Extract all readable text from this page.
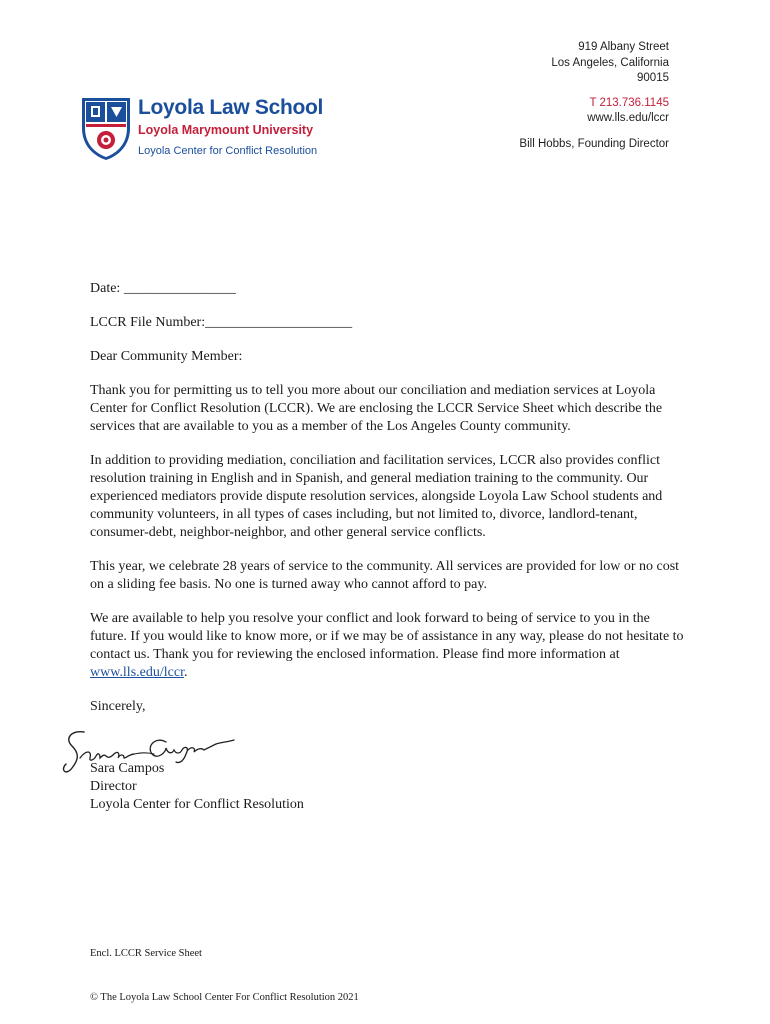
919 Albany Street
Los Angeles, California
90015
T 213.736.1145
www.lls.edu/lccr
Bill Hobbs, Founding Director
Loyola Law School
Loyola Marymount University
Loyola Center for Conflict Resolution

Date: ________________

LCCR File Number:_____________________

Dear Community Member:

Thank you for permitting us to tell you more about our conciliation and mediation services at Loyola Center for Conflict Resolution (LCCR). We are enclosing the LCCR Service Sheet which describe the services that are available to you as a member of the Los Angeles County community.

In addition to providing mediation, conciliation and facilitation services, LCCR also provides conflict resolution training in English and in Spanish, and general mediation training to the community. Our experienced mediators provide dispute resolution services, alongside Loyola Law School students and community volunteers, in all types of cases including, but not limited to, divorce, landlord-tenant, consumer-debt, neighbor-neighbor, and other general service conflicts.

This year, we celebrate 28 years of service to the community. All services are provided for low or no cost on a sliding fee basis. No one is turned away who cannot afford to pay.

We are available to help you resolve your conflict and look forward to being of service to you in the future. If you would like to know more, or if we may be of assistance in any way, please do not hesitate to contact us. Thank you for reviewing the enclosed information. Please find more information at www.lls.edu/lccr.

Sincerely,

Sara Campos
Director
Loyola Center for Conflict Resolution
Encl. LCCR Service Sheet
© The Loyola Law School Center For Conflict Resolution 2021
